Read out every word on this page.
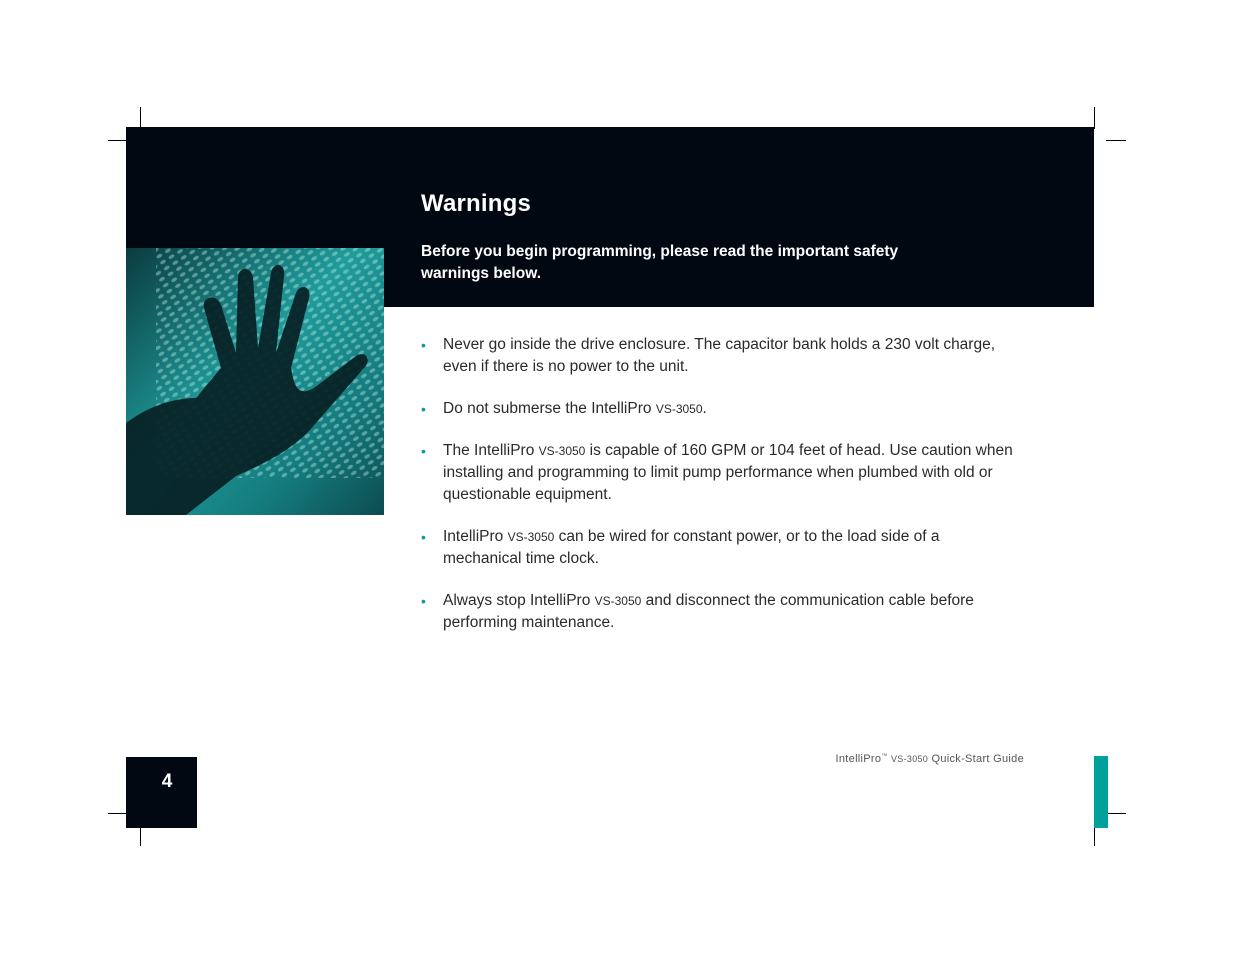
Warnings

Before you begin programming, please read the important safety warnings below.

• Never go inside the drive enclosure. The capacitor bank holds a 230 volt charge, even if there is no power to the unit.
• Do not submerse the IntelliPro VS-3050.
• The IntelliPro VS-3050 is capable of 160 GPM or 104 feet of head. Use caution when installing and programming to limit pump performance when plumbed with old or questionable equipment.
• IntelliPro VS-3050 can be wired for constant power, or to the load side of a mechanical time clock.
• Always stop IntelliPro VS-3050 and disconnect the communication cable before performing maintenance.
4
IntelliPro™ VS-3050 Quick-Start Guide
